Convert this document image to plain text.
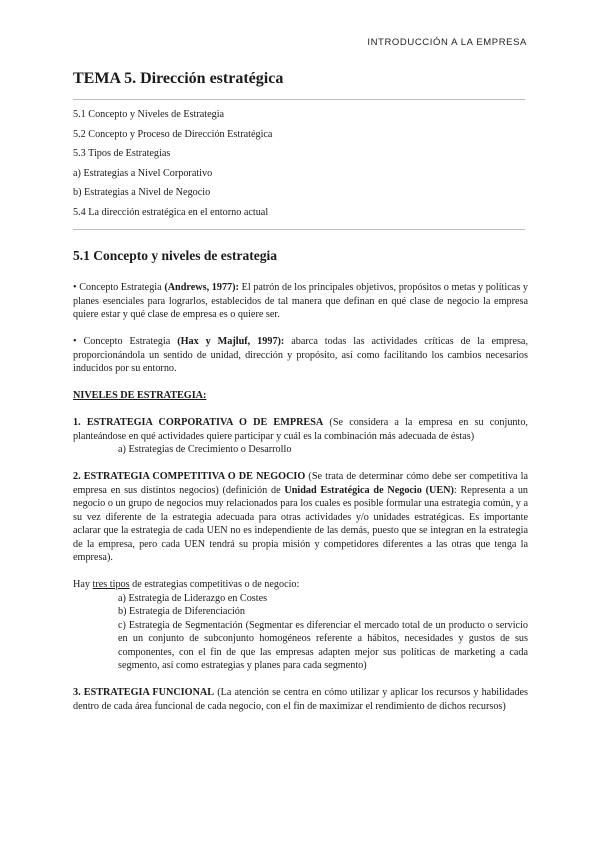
INTRODUCCIÓN A LA EMPRESA
TEMA 5. Dirección estratégica
5.1 Concepto y Niveles de Estrategia
5.2 Concepto y Proceso de Dirección Estratégica
5.3 Tipos de Estrategias
a) Estrategias a Nivel Corporativo
b) Estrategias a Nivel de Negocio
5.4 La dirección estratégica en el entorno actual
5.1 Concepto y niveles de estrategia

• Concepto Estrategia (Andrews, 1977): El patrón de los principales objetivos, propósitos o metas y políticas y planes esenciales para lograrlos, establecidos de tal manera que definan en qué clase de negocio la empresa quiere estar y qué clase de empresa es o quiere ser.

• Concepto Estrategia (Hax y Majluf, 1997): abarca todas las actividades críticas de la empresa, proporcionándola un sentido de unidad, dirección y propósito, así como facilitando los cambios necesarios inducidos por su entorno.

NIVELES DE ESTRATEGIA:

1. ESTRATEGIA CORPORATIVA O DE EMPRESA (Se considera a la empresa en su conjunto, planteándose en qué actividades quiere participar y cuál es la combinación más adecuada de éstas)
a) Estrategias de Crecimiento o Desarrollo

2. ESTRATEGIA COMPETITIVA O DE NEGOCIO (Se trata de determinar cómo debe ser competitiva la empresa en sus distintos negocios) (definición de Unidad Estratégica de Negocio (UEN): Representa a un negocio o un grupo de negocios muy relacionados para los cuales es posible formular una estrategia común, y a su vez diferente de la estrategia adecuada para otras actividades y/o unidades estratégicas. Es importante aclarar que la estrategia de cada UEN no es independiente de las demás, puesto que se integran en la estrategia de la empresa, pero cada UEN tendrá su propia misión y competidores diferentes a las otras que tenga la empresa).

Hay tres tipos de estrategias competitivas o de negocio:
a) Estrategia de Liderazgo en Costes
b) Estrategia de Diferenciación
c) Estrategia de Segmentación (Segmentar es diferenciar el mercado total de un producto o servicio en un conjunto de subconjunto homogéneos referente a hábitos, necesidades y gustos de sus componentes, con el fin de que las empresas adapten mejor sus políticas de marketing a cada segmento, así como estrategias y planes para cada segmento)

3. ESTRATEGIA FUNCIONAL (La atención se centra en cómo utilizar y aplicar los recursos y habilidades dentro de cada área funcional de cada negocio, con el fin de maximizar el rendimiento de dichos recursos)
